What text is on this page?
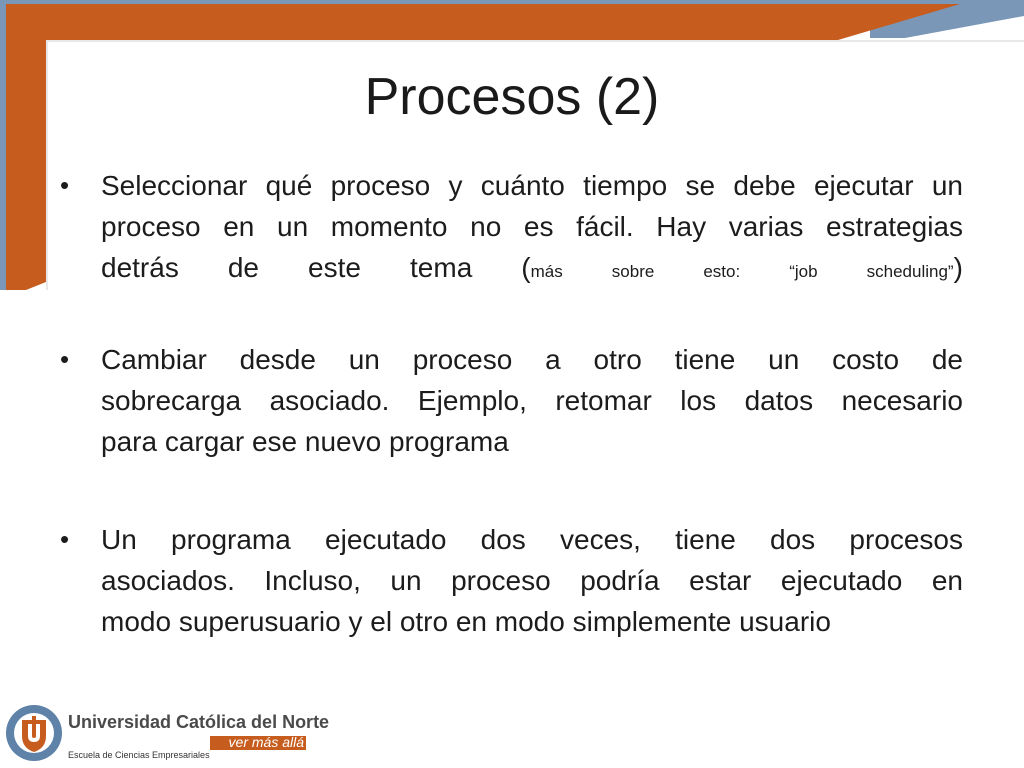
Procesos (2)
• Seleccionar qué proceso y cuánto tiempo se debe ejecutar un
proceso en un momento no es fácil. Hay varias estrategias
detrás de este tema (más	sobre	esto:	“job	scheduling”)
• Cambiar desde un proceso a otro tiene un costo de
sobrecarga asociado. Ejemplo, retomar los datos necesario
para cargar ese nuevo programa
• Un programa ejecutado dos veces, tiene dos procesos
asociados. Incluso, un proceso podría estar ejecutado en
modo superusuario y el otro en modo simplemente usuario
Universidad Católica del Norte
ver más allá
Escuela de Ciencias Empresariales
